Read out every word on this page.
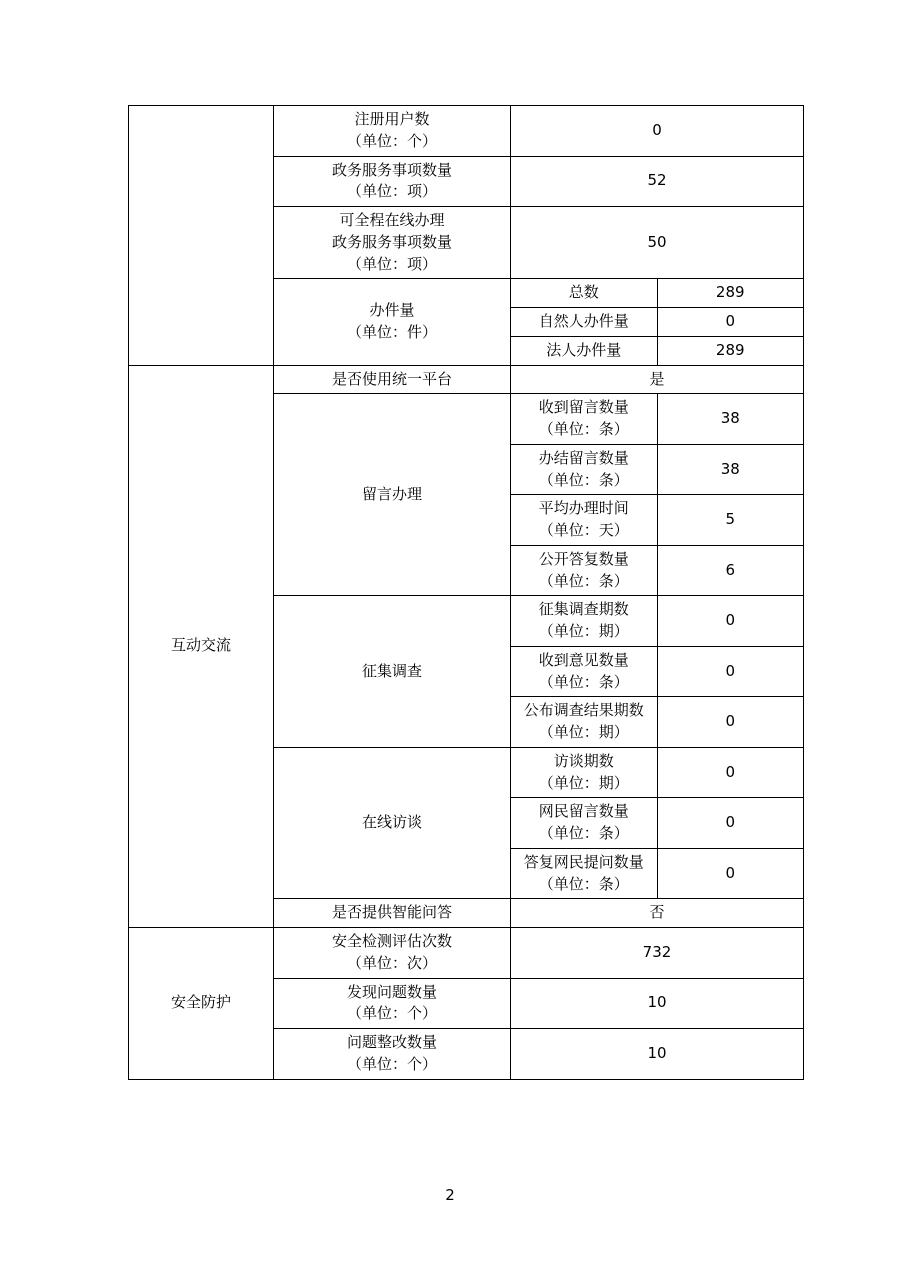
	注册用户数
（单位：个）	0	

	政务服务事项数量
（单位：项）	52	

	可全程在线办理
政务服务事项数量
（单位：项）	50	

	办件量
（单位：件）	总数	289

		自然人办件量	0

		法人办件量	289

互动交流	是否使用统一平台	是	

	留言办理	收到留言数量
（单位：条）	38

		办结留言数量
（单位：条）	38

		平均办理时间
（单位：天）	5

		公开答复数量
（单位：条）	6

	征集调查	征集调查期数
（单位：期）	0

		收到意见数量
（单位：条）	0

		公布调查结果期数
（单位：期）	0

	在线访谈	访谈期数
（单位：期）	0

		网民留言数量
（单位：条）	0

		答复网民提问数量
（单位：条）	0

	是否提供智能问答	否	

安全防护	安全检测评估次数
（单位：次）	732	

	发现问题数量
（单位：个）	10	

	问题整改数量
（单位：个）	10	
2
